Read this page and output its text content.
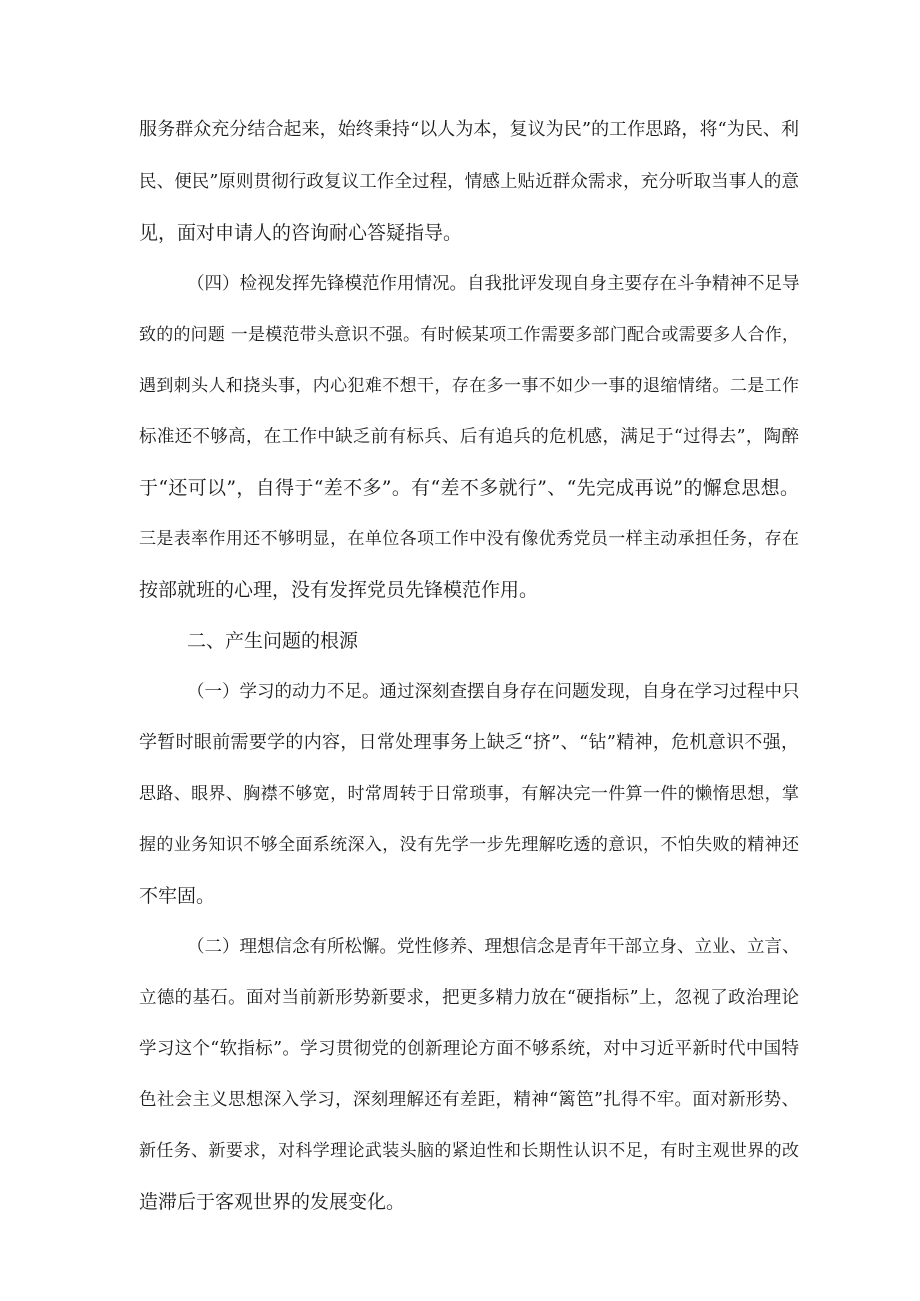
服务群众充分结合起来，始终秉持“以人为本，复议为民”的工作思路，将“为民、利
民、便民”原则贯彻行政复议工作全过程，情感上贴近群众需求，充分听取当事人的意
见，面对申请人的咨询耐心答疑指导。
（四）检视发挥先锋模范作用情况。自我批评发现自身主要存在斗争精神不足导
致的的问题 一是模范带头意识不强。有时候某项工作需要多部门配合或需要多人合作，
遇到刺头人和挠头事，内心犯难不想干，存在多一事不如少一事的退缩情绪。二是工作
标准还不够高，在工作中缺乏前有标兵、后有追兵的危机感，满足于“过得去”，陶醉
于“还可以”，自得于“差不多”。有“差不多就行”、“先完成再说”的懈怠思想。
三是表率作用还不够明显，在单位各项工作中没有像优秀党员一样主动承担任务，存在
按部就班的心理，没有发挥党员先锋模范作用。
二、产生问题的根源
（一）学习的动力不足。通过深刻查摆自身存在问题发现，自身在学习过程中只
学暂时眼前需要学的内容，日常处理事务上缺乏“挤”、“钻”精神，危机意识不强，
思路、眼界、胸襟不够宽，时常周转于日常琐事，有解决完一件算一件的懒惰思想，掌
握的业务知识不够全面系统深入，没有先学一步先理解吃透的意识，不怕失败的精神还
不牢固。
（二）理想信念有所松懈。党性修养、理想信念是青年干部立身、立业、立言、
立德的基石。面对当前新形势新要求，把更多精力放在“硬指标”上，忽视了政治理论
学习这个“软指标”。学习贯彻党的创新理论方面不够系统，对中习近平新时代中国特
色社会主义思想深入学习，深刻理解还有差距，精神“篱笆”扎得不牢。面对新形势、
新任务、新要求，对科学理论武装头脑的紧迫性和长期性认识不足，有时主观世界的改
造滞后于客观世界的发展变化。
